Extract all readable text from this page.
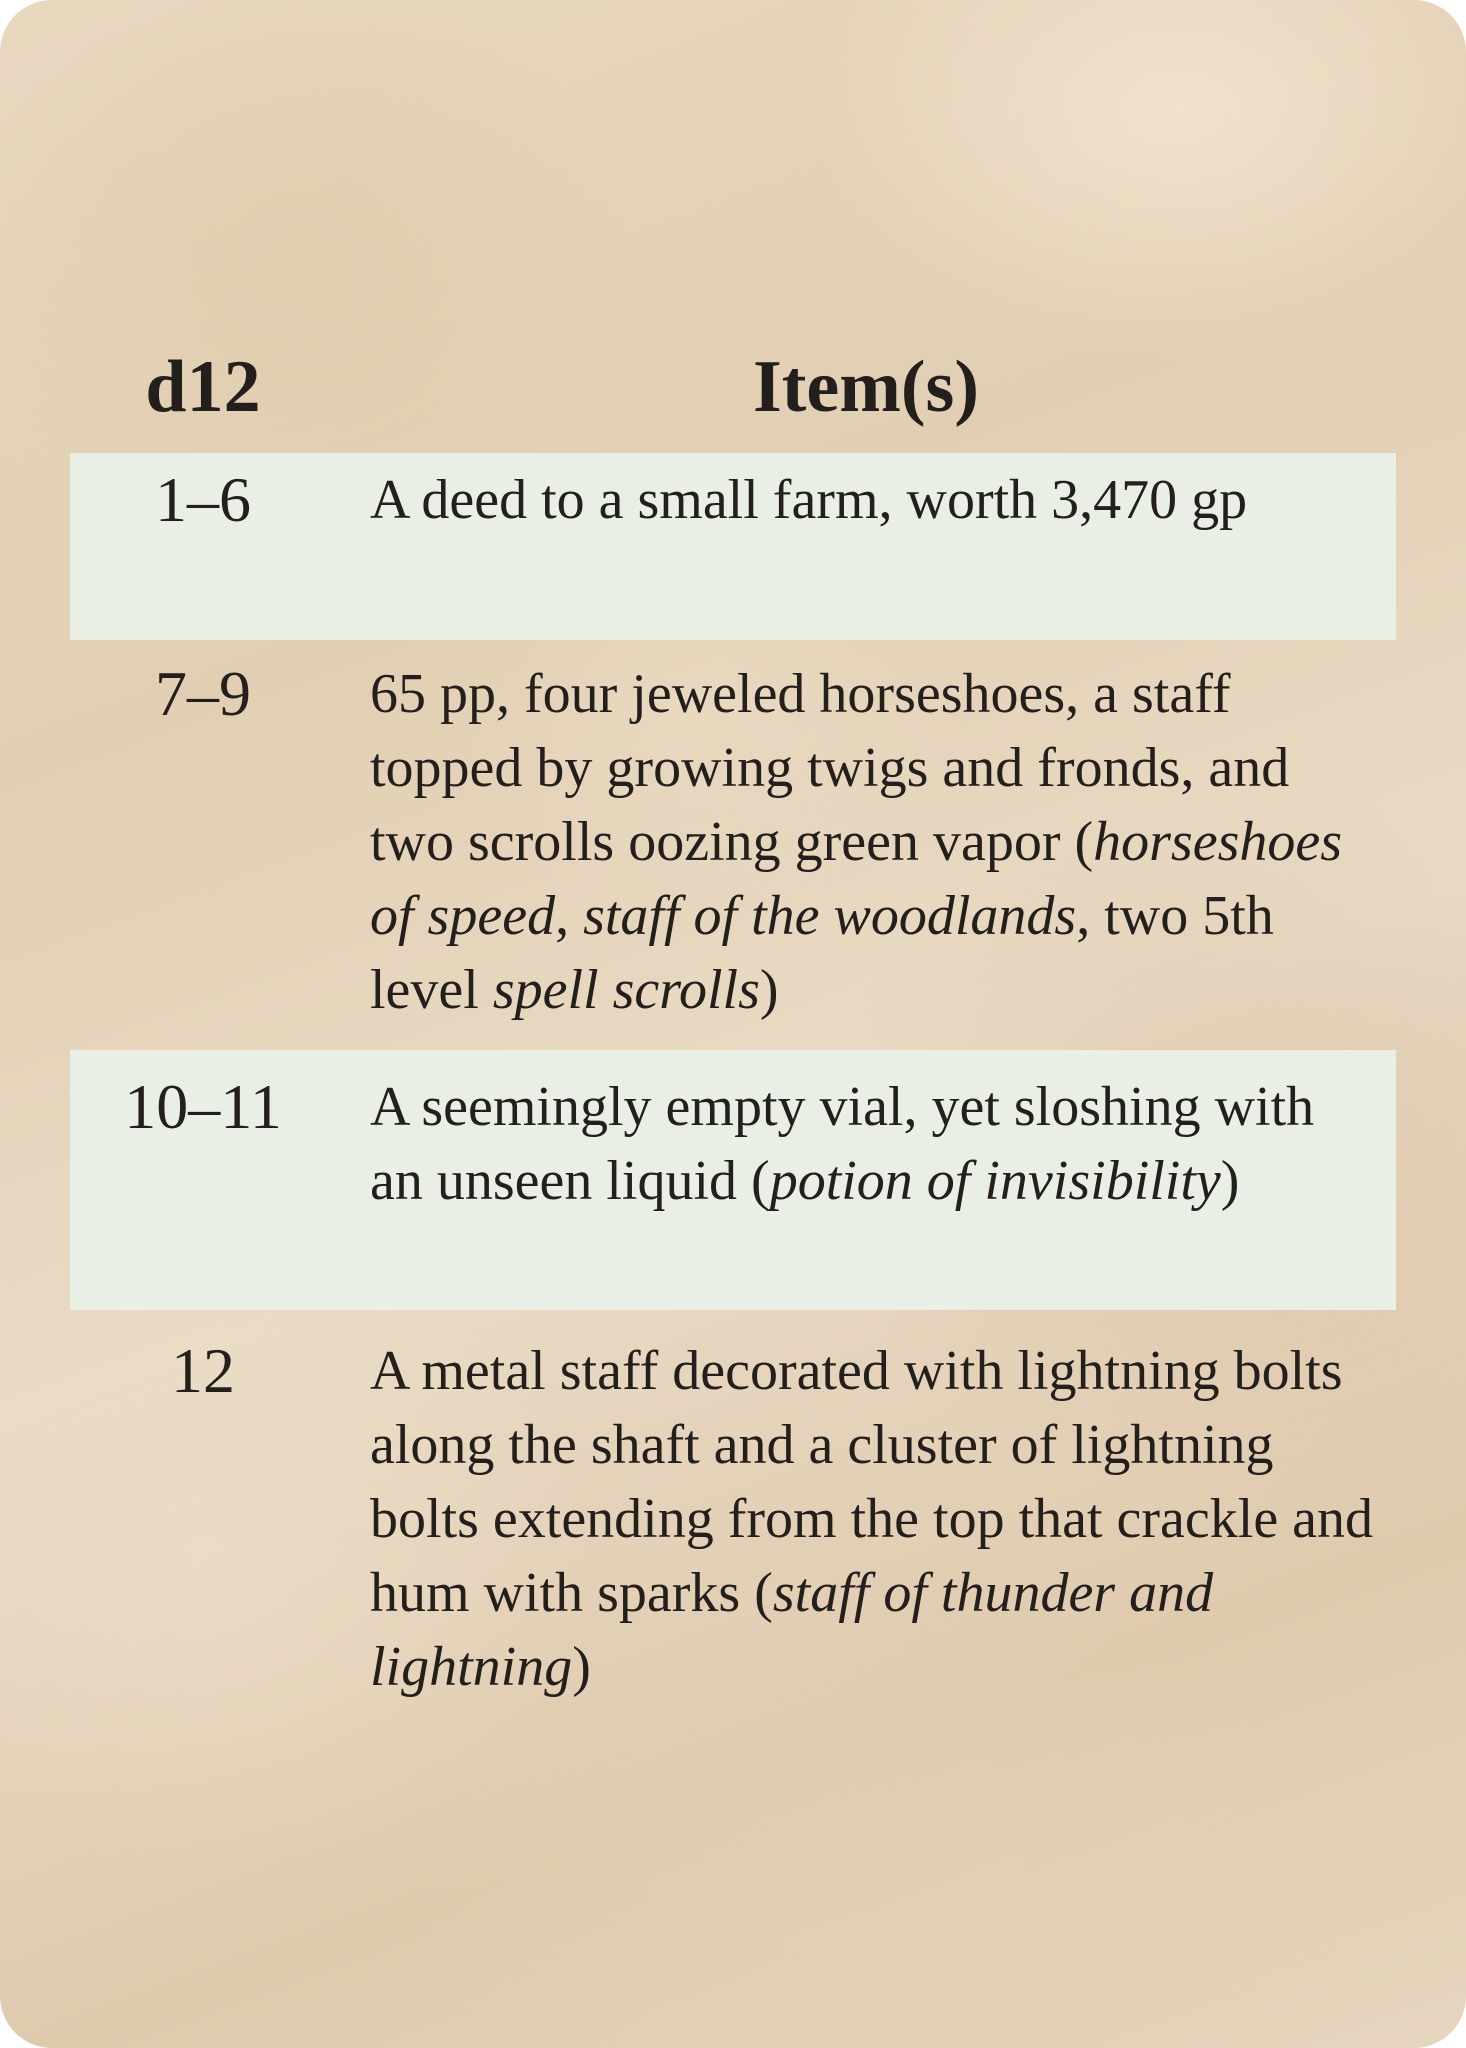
d12	Item(s)
1–6	A deed to a small farm, worth 3,470 gp
7–9	65 pp, four jeweled horseshoes, a staff topped by growing twigs and fronds, and two scrolls oozing green vapor (horseshoes of speed, staff of the woodlands, two 5th level spell scrolls)
10–11	A seemingly empty vial, yet sloshing with an unseen liquid (potion of invisibility)
12	A metal staff decorated with lightning bolts along the shaft and a cluster of lightning bolts extending from the top that crackle and hum with sparks (staff of thunder and lightning)
